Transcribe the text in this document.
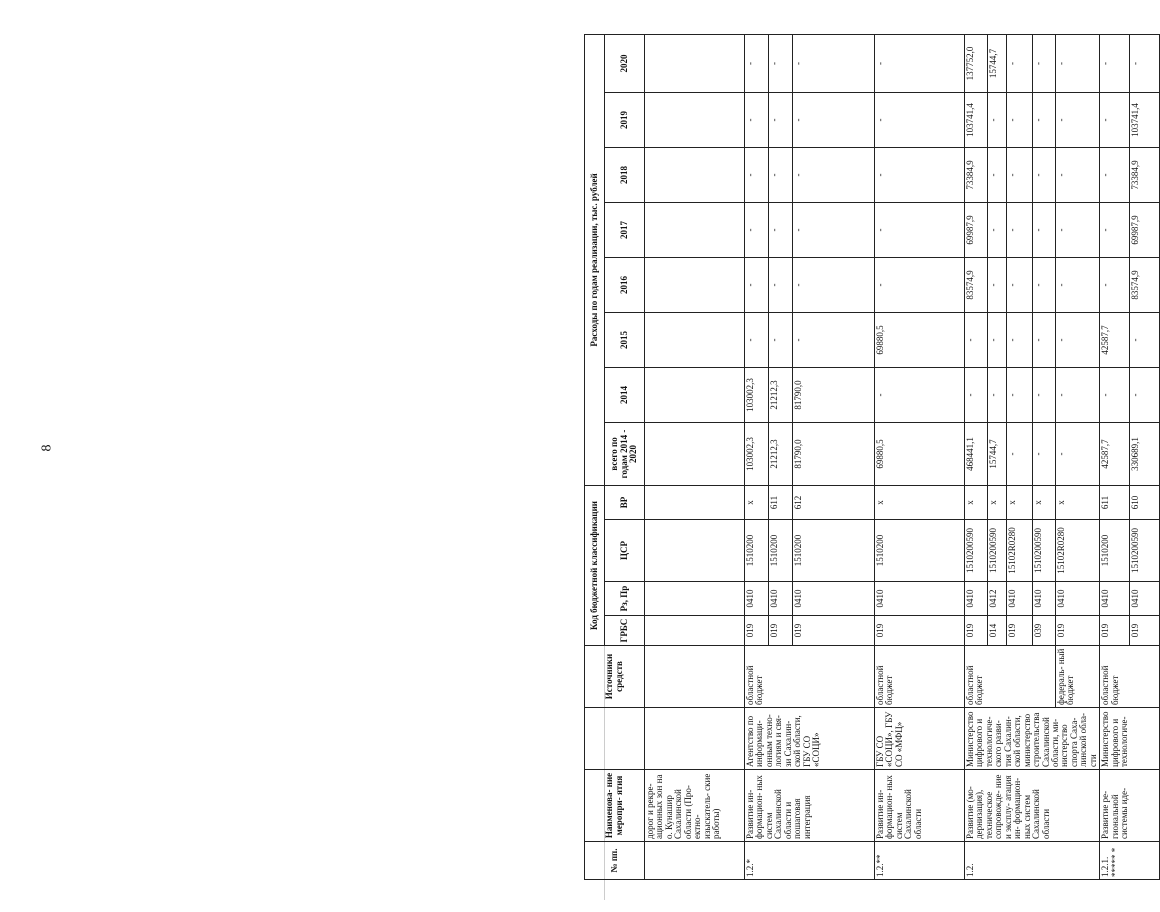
8
№ пп.	Наименова- ние меропри- ятия		Источники средств	Код бюджетной классификации				Расходы по годам реализации, тыс. рублей							
				ГРБС	Рз, Пр	ЦСР	ВР	всего по годам 2014 - 2020	2014	2015	2016	2017	2018	2019	2020
	дорог и рекре- ационных зон на о. Кунашир Сахалинской области (Про- ектно- изыскатель- ские работы)														
1.2.*	Развитие ин- формацион- ных систем Сахалинской области и пошаговая интеграция	Агентство по информаци- онным техно- логиям и свя- зи Сахалин- ской области, ГБУ СО «СОЦИ»	областной бюджет	019	0410	1510200	x	103002,3	103002,3	-	-	-	-	-	-
				019	0410	1510200	611	21212,3	21212,3	-	-	-	-	-	-
				019	0410	1510200	612	81790,0	81790,0	-	-	-	-	-	-
1.2.**	Развитие ин- формацион- ных систем Сахалинской области	ГБУ СО «СОЦИ», ГБУ СО «МФЦ»	областной бюджет	019	0410	1510200	x	69880,5	-	69880,5	-	-	-	-	-
1.2.	Развитие (мо- дернизация), техническое сопровожде- ние и эксплу- атация ин- формацион- ных систем Сахалинской области	Министерство цифрового и технологиче- ского разви- тия Сахалин- ской области, министерство строительства Сахалинской области, ми- нистерство спорта Саха- линской обла- сти	областной бюджет	019	0410	1510200590	x	468441,1	-	-	83574,9	69987,9	73384,9	103741,4	137752,0
				014	0412	1510200590	x	15744,7	-	-	-	-	-	-	15744,7
				019	0410	15102R0280	x	-	-	-	-	-	-	-	-
				039	0410	1510200590	x	-	-	-	-	-	-	-	-
			федераль- ный бюджет	019	0410	15102R0280	x	-	-	-	-	-	-	-	-
1.2.1. ***** *	Развитие ре- гиональной системы иде-	Министерство цифрового и технологиче-	областной бюджет	019	0410	1510200	611	42587,7	-	42587,7	-	-	-	-	-
				019	0410	1510200590	610	330689,1	-	-	83574,9	69987,9	73384,9	103741,4	-
